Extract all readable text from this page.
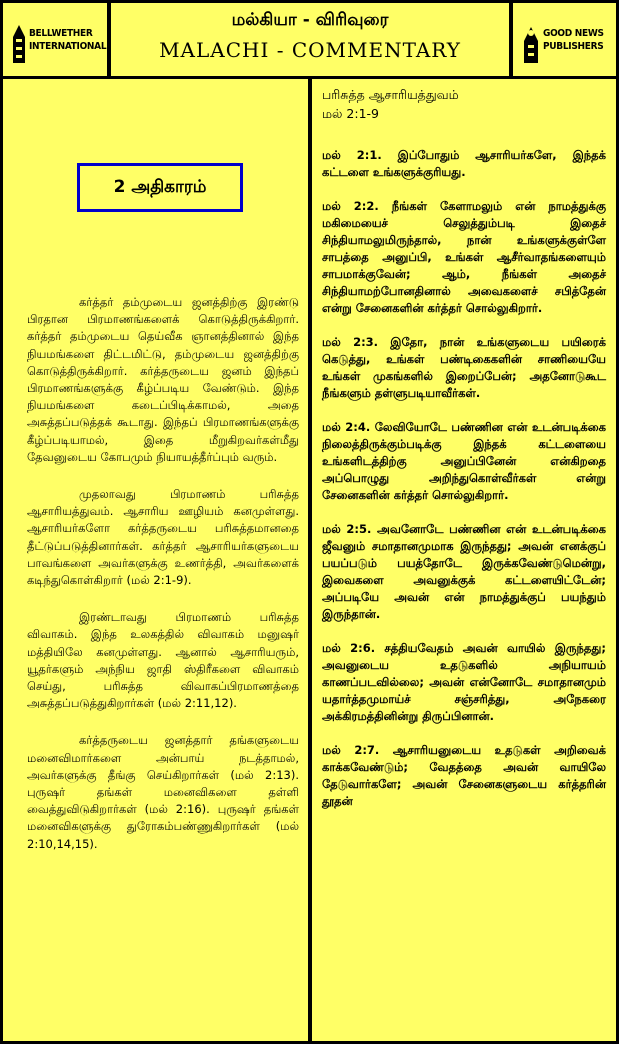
BELLWETHER
INTERNATIONAL
மல்கியா - விரிவுரை
MALACHI - COMMENTARY
GOOD NEWS
PUBLISHERS
2 அதிகாரம்

கர்த்தர் தம்முடைய ஜனத்திற்கு இரண்டு பிரதான பிரமாணங்களைக் கொடுத்திருக்கிறார். கர்த்தர் தம்முடைய தெய்வீக ஞானத்தினால் இந்த நியமங்களை திட்டமிட்டு, தம்முடைய ஜனத்திற்கு கொடுத்திருக்கிறார். கர்த்தருடைய ஜனம் இந்தப் பிரமாணங்களுக்கு கீழ்ப்படிய வேண்டும். இந்த நியமங்களை கடைப்பிடிக்காமல், அதை அசுத்தப்படுத்தக் கூடாது. இந்தப் பிரமாணங்களுக்கு கீழ்ப்படியாமல், இதை மீறுகிறவர்கள்மீது தேவனுடைய கோபமும் நியாயத்தீர்ப்பும் வரும்.

முதலாவது பிரமாணம் பரிசுத்த ஆசாரியத்துவம். ஆசாரிய ஊழியம் கனமுள்ளது. ஆசாரியர்களோ கர்த்தருடைய பரிசுத்தமானதை தீட்டுப்படுத்தினார்கள். கர்த்தர் ஆசாரியர்களுடைய பாவங்களை அவர்களுக்கு உணர்த்தி, அவர்களைக் கடிந்துகொள்கிறார் (மல் 2:1-9).

இரண்டாவது பிரமாணம் பரிசுத்த விவாகம். இந்த உலகத்தில் விவாகம் மனுஷர் மத்தியிலே கனமுள்ளது. ஆனால் ஆசாரியரும், யூதர்களும் அந்நிய ஜாதி ஸ்திரீகளை விவாகம் செய்து, பரிசுத்த விவாகப்பிரமாணத்தை அசுத்தப்படுத்துகிறார்கள் (மல் 2:11,12).

கர்த்தருடைய ஜனத்தார் தங்களுடைய மனைவிமார்களை அன்பாய் நடத்தாமல், அவர்களுக்கு தீங்கு செய்கிறார்கள் (மல் 2:13). புருஷர் தங்கள் மனைவிகளை தள்ளி வைத்துவிடுகிறார்கள் (மல் 2:16). புருஷர் தங்கள் மனைவிகளுக்கு துரோகம்பண்ணுகிறார்கள் (மல் 2:10,14,15).

பரிசுத்த ஆசாரியத்துவம்
மல் 2:1-9

மல் 2:1. இப்போதும் ஆசாரியர்களே, இந்தக் கட்டளை உங்களுக்குரியது.

மல் 2:2. நீங்கள் கேளாமலும் என் நாமத்துக்கு மகிமையைச் செலுத்தும்படி இதைச் சிந்தியாமலுமிருந்தால், நான் உங்களுக்குள்ளே சாபத்தை அனுப்பி, உங்கள் ஆசீர்வாதங்களையும் சாபமாக்குவேன்; ஆம், நீங்கள் அதைச் சிந்தியாமற்போனதினால் அவைகளைச் சபித்தேன் என்று சேனைகளின் கர்த்தர் சொல்லுகிறார்.

மல் 2:3. இதோ, நான் உங்களுடைய பயிரைக் கெடுத்து, உங்கள் பண்டிகைகளின் சாணியையே உங்கள் முகங்களில் இறைப்பேன்; அதனோடுகூட நீங்களும் தள்ளுபடியாவீர்கள்.

மல் 2:4. லேவியோடே பண்ணின என் உடன்படிக்கை நிலைத்திருக்கும்படிக்கு இந்தக் கட்டளையை உங்களிடத்திற்கு அனுப்பினேன் என்கிறதை அப்பொழுது அறிந்துகொள்வீர்கள் என்று சேனைகளின் கர்த்தர் சொல்லுகிறார்.

மல் 2:5. அவனோடே பண்ணின என் உடன்படிக்கை ஜீவனும் சமாதானமுமாக இருந்தது; அவன் எனக்குப் பயப்படும் பயத்தோடே இருக்கவேண்டுமென்று, இவைகளை அவனுக்குக் கட்டளையிட்டேன்; அப்படியே அவன் என் நாமத்துக்குப் பயந்தும் இருந்தான்.

மல் 2:6. சத்தியவேதம் அவன் வாயில் இருந்தது; அவனுடைய உதடுகளில் அநியாயம் காணப்படவில்லை; அவன் என்னோடே சமாதானமும் யதார்த்தமுமாய்ச் சஞ்சரித்து, அநேகரை அக்கிரமத்தினின்று திருப்பினான்.

மல் 2:7. ஆசாரியனுடைய உதடுகள் அறிவைக் காக்கவேண்டும்; வேதத்தை அவன் வாயிலே தேடுவார்களே; அவன் சேனைகளுடைய கர்த்தரின் தூதன்
